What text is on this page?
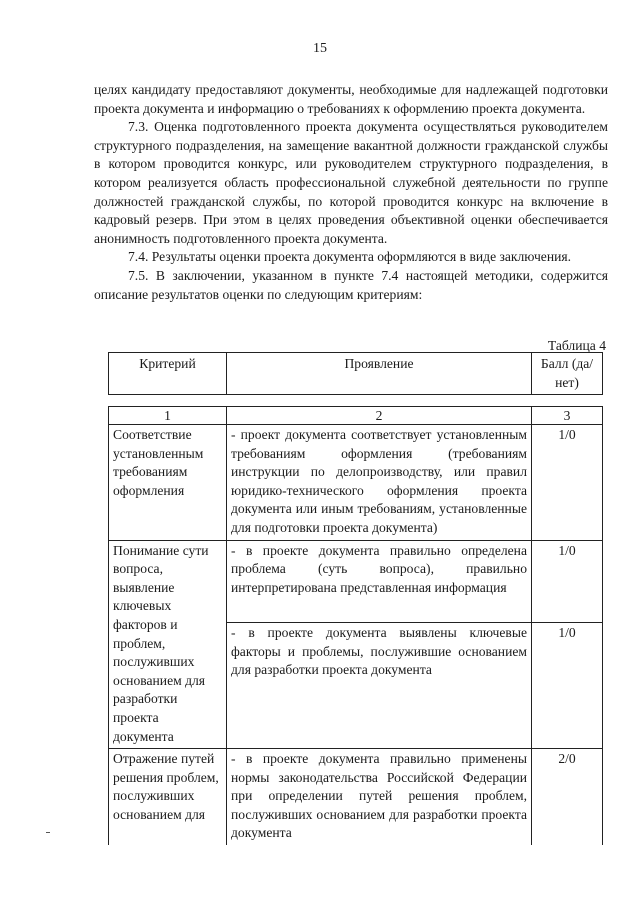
15

целях кандидату предоставляют документы, необходимые для надлежащей подготовки проекта документа и информацию о требованиях к оформлению проекта документа.

7.3. Оценка подготовленного проекта документа осуществляться руководителем структурного подразделения, на замещение вакантной должности гражданской службы в котором проводится конкурс, или руководителем структурного подразделения, в котором реализуется область профессиональной служебной деятельности по группе должностей гражданской службы, по которой проводится конкурс на включение в кадровый резерв. При этом в целях проведения объективной оценки обеспечивается анонимность подготовленного проекта документа.

7.4. Результаты оценки проекта документа оформляются в виде заключения.

7.5. В заключении, указанном в пункте 7.4 настоящей методики, содержится описание результатов оценки по следующим критериям:

Таблица 4
Критерий	Проявление	Балл (да/нет)
1	2	3
Соответствие установленным требованиям оформления	- проект документа соответствует установленным требованиям оформления (требованиям инструкции по делопроизводству, или правил юридико-технического оформления проекта документа или иным требованиям, установленные для подготовки проекта документа)	1/0
Понимание сути вопроса, выявление ключевых факторов и проблем, послуживших основанием для разработки проекта документа	- в проекте документа правильно определена проблема (суть вопроса), правильно интерпретирована представленная информация	1/0
	- в проекте документа выявлены ключевые факторы и проблемы, послужившие основанием для разработки проекта документа	1/0
Отражение путей решения проблем, послуживших основанием для	- в проекте документа правильно применены нормы законодательства Российской Федерации при определении путей решения проблем, послуживших основанием для разработки проекта документа	2/0
